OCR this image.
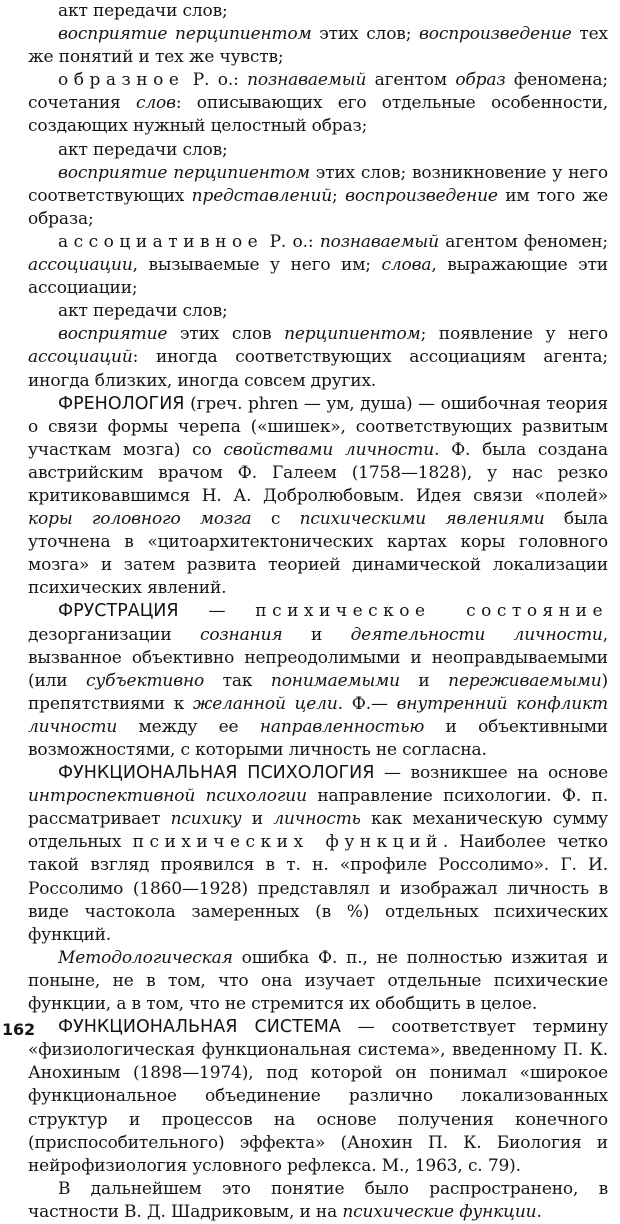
акт передачи слов;

восприятие перципиентом этих слов; воспроизведение тех же понятий и тех же чувств;

образное Р. о.: познаваемый агентом образ феномена; сочетания слов: описывающих его отдельные особенности, создающих нужный целостный образ;

акт передачи слов;

восприятие перципиентом этих слов; возникновение у него соответствующих представлений; воспроизведение им того же образа;

ассоциативное Р. о.: познаваемый агентом феномен; ассоциации, вызываемые у него им; слова, выражающие эти ассоциации;

акт передачи слов;

восприятие этих слов перципиентом; появление у него ассоциаций: иногда соответствующих ассоциациям агента; иногда близких, иногда совсем других.

ФРЕНОЛОГИЯ (греч. phren — ум, душа) — ошибочная теория о связи формы черепа («шишек», соответствующих развитым участкам мозга) со свойствами личности. Ф. была создана австрийским врачом Ф. Галеем (1758—1828), у нас резко критиковавшимся Н. А. Добролюбовым. Идея связи «полей» коры головного мозга с психическими явлениями была уточнена в «цитоархитектонических картах коры головного мозга» и затем развита теорией динамической локализации психических явлений.

ФРУСТРАЦИЯ — психическое состояние дезорганизации сознания и деятельности личности, вызванное объективно непреодолимыми и неоправдываемыми (или субъективно так понимаемыми и переживаемыми) препятствиями к желанной цели. Ф.— внутренний конфликт личности между ее направленностью и объективными возможностями, с которыми личность не согласна.

ФУНКЦИОНАЛЬНАЯ ПСИХОЛОГИЯ — возникшее на основе интроспективной психологии направление психологии. Ф. п. рассматривает психику и личность как механическую сумму отдельных психических функций. Наиболее четко такой взгляд проявился в т. н. «профиле Россолимо». Г. И. Россолимо (1860—1928) представлял и изображал личность в виде частокола замеренных (в %) отдельных психических функций.

Методологическая ошибка Ф. п., не полностью изжитая и поныне, не в том, что она изучает отдельные психические функции, а в том, что не стремится их обобщить в целое.

ФУНКЦИОНАЛЬНАЯ СИСТЕМА — соответствует термину «физиологическая функциональная система», введенному П. К. Анохиным (1898—1974), под которой он понимал «широкое функциональное объединение различно локализованных структур и процессов на основе получения конечного (приспособительного) эффекта» (Анохин П. К. Биология и нейрофизиология условного рефлекса. М., 1963, с. 79).

В дальнейшем это понятие было распространено, в частности В. Д. Шадриковым, и на психические функции.

162
